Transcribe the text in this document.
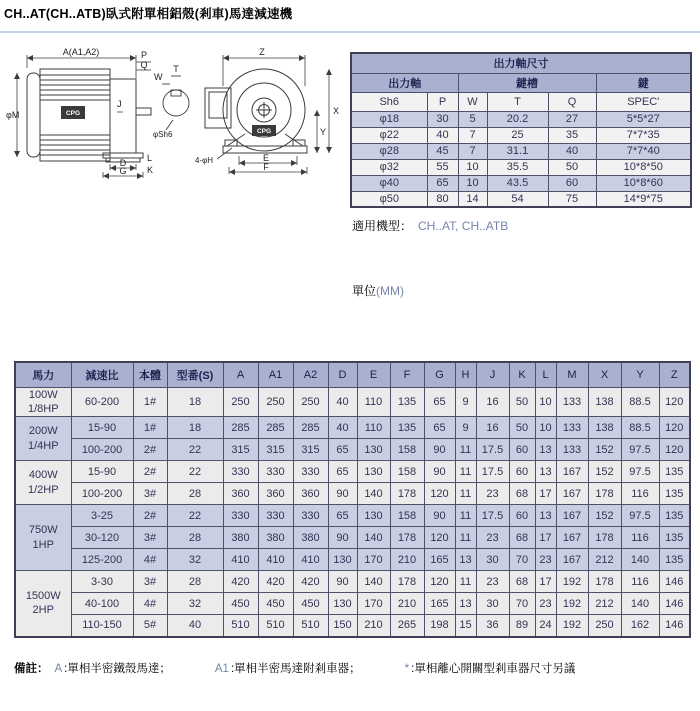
CH..AT(CH..ATB)臥式附單相鋁殼(剎車)馬達減速機
CPG
A(A1,A2)	P
Q
φM
J
D
G
L
K
W
T
φSh6	CPG
Z
X
Y
E
F
4-φH
出力軸尺寸					
出力軸		鍵槽			鍵
Sh6	P	W	T	Q	SPEC'
φ18	30	5	20.2	27	5*5*27
φ22	40	7	25	35	7*7*35
φ28	45	7	31.1	40	7*7*40
φ32	55	10	35.5	50	10*8*50
φ40	65	10	43.5	60	10*8*60
φ50	80	14	54	75	14*9*75
適用機型： CH..AT, CH..ATB
單位(MM)
馬力	減速比	本體	型番(S)	A	A1	A2	D	E	F	G	H	J	K	L	M	X	Y	Z
100W
1/8HP	60-200	1#	18	250	250	250	40	110	135	65	9	16	50	10	133	138	88.5	120
200W
1/4HP	15-90	1#	18	285	285	285	40	110	135	65	9	16	50	10	133	138	88.5	120
	100-200	2#	22	315	315	315	65	130	158	90	11	17.5	60	13	133	152	97.5	120
400W
1/2HP	15-90	2#	22	330	330	330	65	130	158	90	11	17.5	60	13	167	152	97.5	135
	100-200	3#	28	360	360	360	90	140	178	120	11	23	68	17	167	178	116	135
750W
1HP	3-25	2#	22	330	330	330	65	130	158	90	11	17.5	60	13	167	152	97.5	135
	30-120	3#	28	380	380	380	90	140	178	120	11	23	68	17	167	178	116	135
	125-200	4#	32	410	410	410	130	170	210	165	13	30	70	23	167	212	140	135
1500W
2HP	3-30	3#	28	420	420	420	90	140	178	120	11	23	68	17	192	178	116	146
	40-100	4#	32	450	450	450	130	170	210	165	13	30	70	23	192	212	140	146
	110-150	5#	40	510	510	510	150	210	265	198	15	36	89	24	192	250	162	146
備註： A :單相半密鐵殼馬達；	A1 :單相半密馬達附剎車器；	* :單相離心開關型剎車器尺寸另議
